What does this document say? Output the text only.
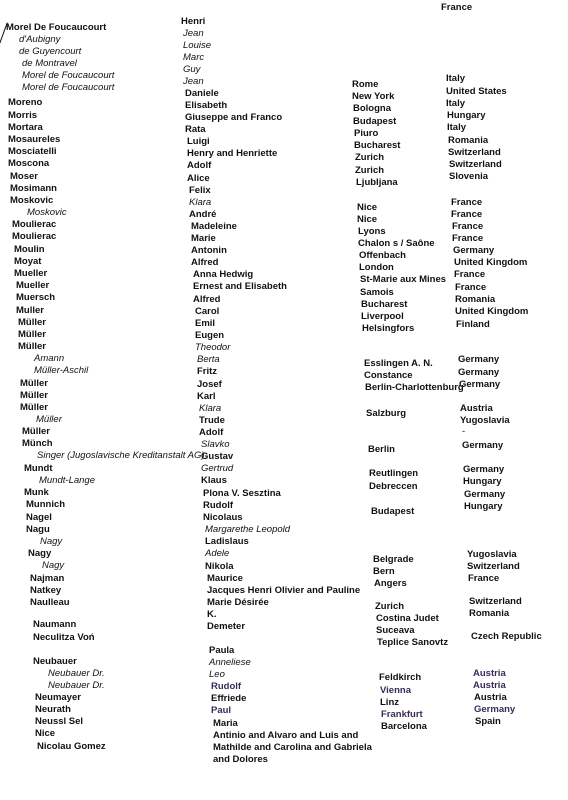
Morel De Foucaucourt
d'Aubigny
de Guyencourt
de Montravel
Morel de Foucaucourt
Morel de Foucaucourt
Moreno
Morris
Mortara
Mosaureles
Mosciatelli
Moscona
Moser
Mosimann
Moskovic
Moskovic
Moulierac
Moulierac
Moulin
Moyat
Mueller
Mueller
Muersch
Muller
Müller
Müller
Müller
Amann
Müller-Aschil
Müller
Müller
Müller
Müller
Müller
Münch
Singer (Jugoslavische Kreditanstalt AG)
Mundt
Mundt-Lange
Munk
Munnich
Nagel
Nagu
Nagy
Nagy
Nagy
Najman
Natkey
Naulleau
Naumann
Neculitza Voń
Neubauer
Neubauer Dr.
Neubauer Dr.
Neumayer
Neurath
Neussl Sel
Nice
Nicolau Gomez
Henri
Jean
Louise
Marc
Guy
Jean
Daniele
Elisabeth
Giuseppe and Franco
Rata
Luigi
Henry and Henriette
Adolf
Alice
Felix
Klara
André
Madeleine
Marie
Antonin
Alfred
Anna Hedwig
Ernest and Elisabeth
Alfred
Carol
Emil
Eugen
Theodor
Berta
Fritz
Josef
Karl
Klara
Trude
Adolf
Slavko
Gustav
Gertrud
Klaus
Plona V. Sesztina
Rudolf
Nicolaus
Margarethe Leopold
Ladislaus
Adele
Nikola
Maurice
Jacques Henri Olivier and Pauline
Marie Désirée
K.
Demeter
Paula
Anneliese
Leo
Rudolf
Effriede
Paul
Maria
Antinio and Alvaro and Luis and
Mathilde and Carolina and Gabriela
and Dolores
Rome
New York
Bologna
Budapest
Piuro
Bucharest
Zurich
Zurich
Ljubljana
Nice
Nice
Lyons
Chalon s / Saône
Offenbach
London
St-Marie aux Mines
Samois
Bucharest
Liverpool
Helsingfors
Esslingen A. N.
Constance
Berlin-Charlottenburg
Salzburg
Berlin
Reutlingen
Debreccen
Budapest
Belgrade
Bern
Angers
Zurich
Costina Judet
Suceava
Teplice Sanovtz
Feldkirch
Vienna
Linz
Frankfurt
Barcelona
France
Italy
United States
Italy
Hungary
Italy
Romania
Switzerland
Switzerland
Slovenia
France
France
France
France
Germany
United Kingdom
France
France
Romania
United Kingdom
Finland
Germany
Germany
Germany
Austria
Yugoslavia
-
Germany
Germany
Hungary
Germany
Hungary
Yugoslavia
Switzerland
France
Switzerland
Romania
Czech Republic
Austria
Austria
Austria
Germany
Spain
